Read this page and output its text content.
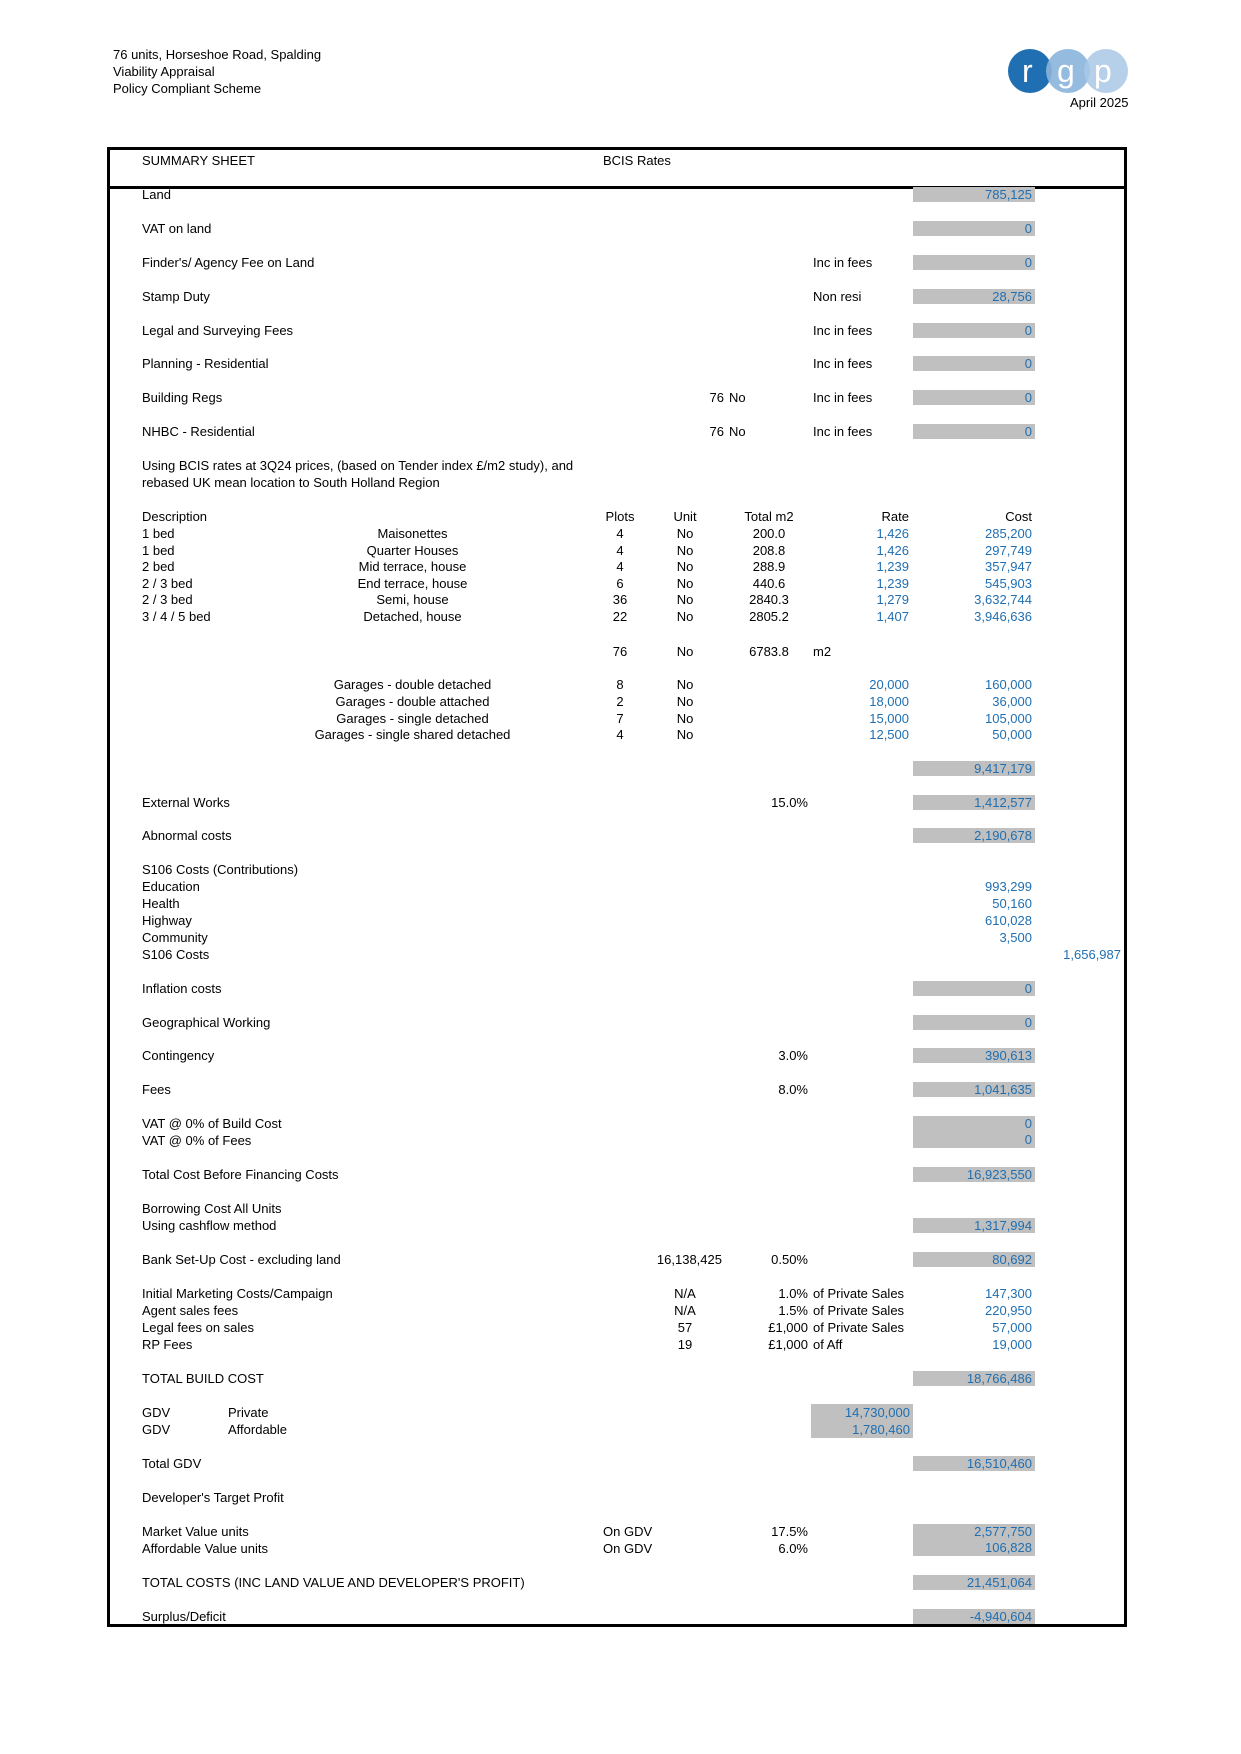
76 units, Horseshoe Road, Spalding
Viability Appraisal
Policy Compliant Scheme	r g p
April 2025
SUMMARY SHEET	BCIS Rates
Land	785,125
VAT on land	0
Finder's/ Agency Fee on Land	Inc in fees	0
Stamp Duty	Non resi	28,756
Legal and Surveying Fees	Inc in fees	0
Planning - Residential	Inc in fees	0
Building Regs	76 No	Inc in fees	0
NHBC - Residential	76 No	Inc in fees	0
Using BCIS rates at 3Q24 prices, (based on Tender index £/m2 study), and
rebased UK mean location to South Holland Region
Description	Plots	Unit	Total m2	Rate	Cost
1 bed	Maisonettes	4	No	200.0	1,426	285,200
1 bed	Quarter Houses	4	No	208.8	1,426	297,749
2 bed	Mid terrace, house	4	No	288.9	1,239	357,947
2 / 3 bed	End terrace, house	6	No	440.6	1,239	545,903
2 / 3 bed	Semi, house	36	No	2840.3	1,279	3,632,744
3 / 4 / 5 bed	Detached, house	22	No	2805.2	1,407	3,946,636
76	No	6783.8	m2
Garages - double detached	8	No	20,000	160,000
Garages - double attached	2	No	18,000	36,000
Garages - single detached	7	No	15,000	105,000
Garages - single shared detached	4	No	12,500	50,000
9,417,179
External Works	15.0%	1,412,577
Abnormal costs	2,190,678
S106 Costs (Contributions)
Education	993,299
Health	50,160
Highway	610,028
Community	3,500
S106 Costs	1,656,987
Inflation costs	0
Geographical Working	0
Contingency	3.0%	390,613
Fees	8.0%	1,041,635
VAT @ 0% of Build Cost	0
VAT @ 0% of Fees	0
Total Cost Before Financing Costs	16,923,550
Borrowing Cost All Units
Using cashflow method	1,317,994
Bank Set-Up Cost - excluding land	16,138,425	0.50%	80,692
Initial Marketing Costs/Campaign	N/A	1.0% of Private Sales	147,300
Agent sales fees	N/A	1.5% of Private Sales	220,950
Legal fees on sales	57	£1,000 of Private Sales	57,000
RP Fees	19	£1,000 of Aff	19,000
TOTAL BUILD COST	18,766,486
GDV	Private	14,730,000
GDV	Affordable	1,780,460
Total GDV	16,510,460
Developer's Target Profit
Market Value units	On GDV	17.5%	2,577,750
Affordable Value units	On GDV	6.0%	106,828
TOTAL COSTS (INC LAND VALUE AND DEVELOPER'S PROFIT)	21,451,064
Surplus/Deficit	-4,940,604
